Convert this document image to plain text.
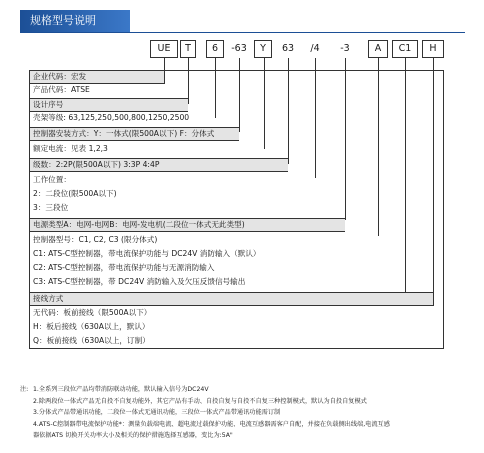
规格型号说明
UE	T	6	-63	Y	63	/4	-3	A	C1	H
企业代码：宏发
产品代码：ATSE
设计序号
壳架等级: 63,125,250,500,800,1250,2500
控制器安装方式：Y：一体式(限500A以下) F：分体式
额定电流：见表 1,2,3
级数：2:2P(限500A以下) 3:3P 4:4P
工作位置：
2：二段位(限500A以下)
3：三段位
电源类型A：电网-电网B：电网-发电机(二段位一体式无此类型)
控制器型号：C1, C2, C3 (限分体式)
C1: ATS-C型控制器，带电流保护功能与 DC24V 消防输入（默认）
C2: ATS-C型控制器，带电流保护功能与无源消防输入
C3: ATS-C型控制器，带 DC24V 消防输入及欠压反馈信号输出
接线方式
无代码：板前接线（限500A以下）
H：板后接线（630A以上，默认）
Q：板前接线（630A以上，订制）
注: 1.全系列三段位产品均带消防联动功能，默认输入信号为DC24V
2.除两段位一体式产品无自投不自复功能外，其它产品有手动、自投自复与自投不自复三种控制模式，默认为自投自复模式
3.分体式产品带通讯功能，二段位一体式无通讯功能，三段位一体式产品带通讯功能需订制
4.ATS-C控制器带电流保护功能*：测量负载端电流、超电流过载保护功能、电流互感器需客户自配，并接在负载侧出线端,电流互感
器依据ATS 切换开关功率大小及相关的保护措施选择互感器，变比为:5A"
